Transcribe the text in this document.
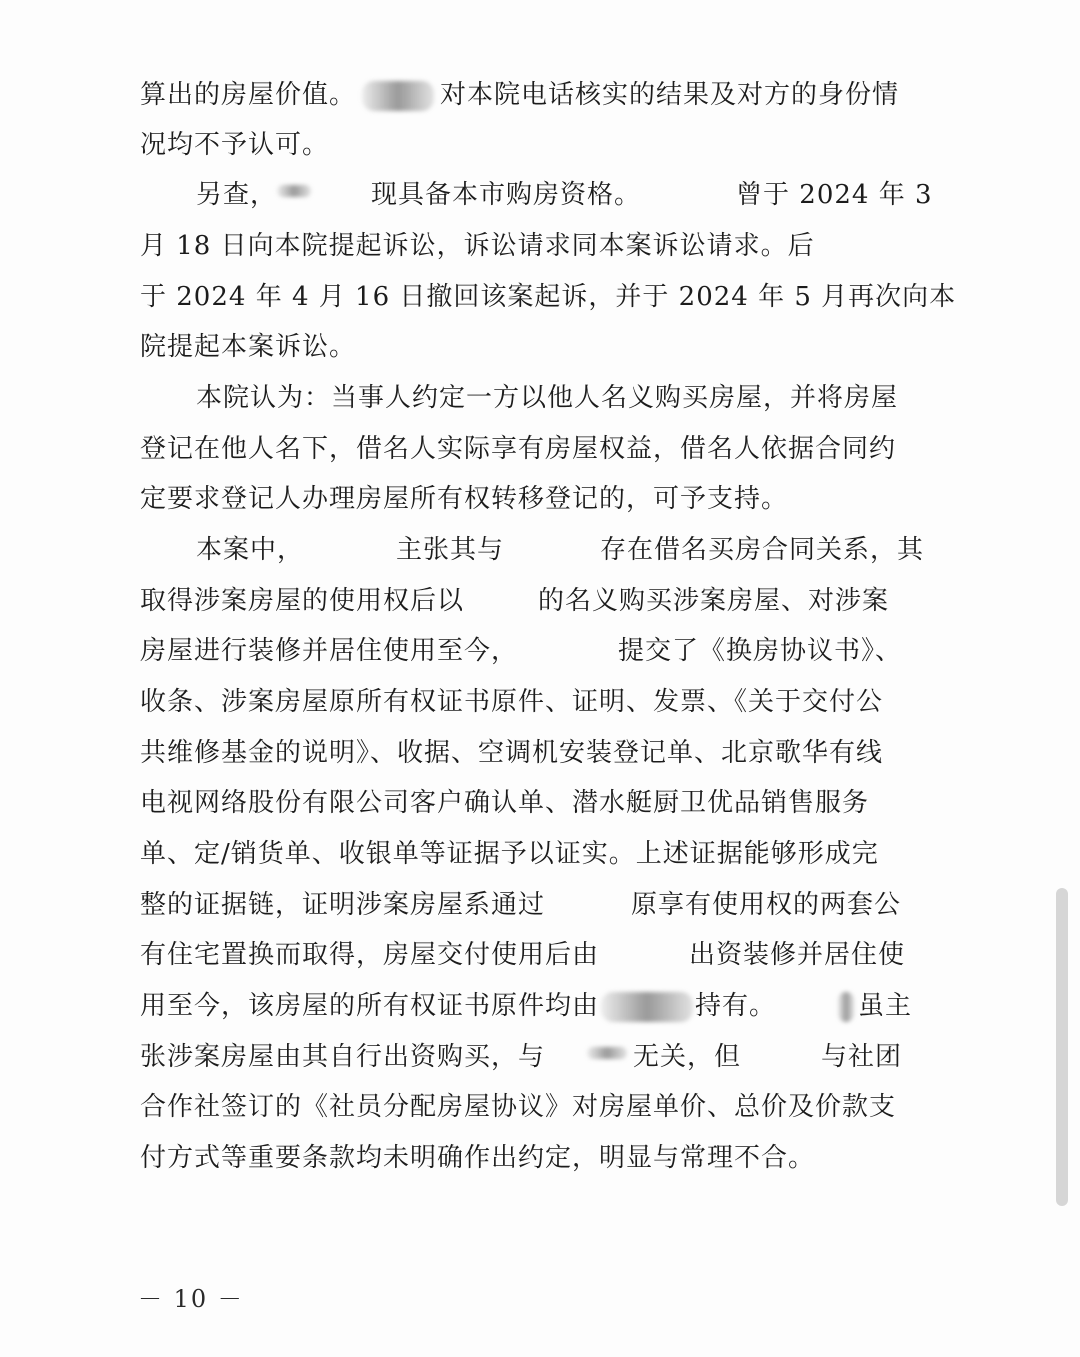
算出的房屋价值。	对本院电话核实的结果及对方的身份情
况均不予认可。
另查，	现具备本市购房资格。	曾于 2024 年 3
月 18 日向本院提起诉讼，诉讼请求同本案诉讼请求。后
于 2024 年 4 月 16 日撤回该案起诉，并于 2024 年 5 月再次向本
院提起本案诉讼。
本院认为：当事人约定一方以他人名义购买房屋，并将房屋
登记在他人名下，借名人实际享有房屋权益，借名人依据合同约
定要求登记人办理房屋所有权转移登记的，可予支持。
本案中，	主张其与	存在借名买房合同关系，其
取得涉案房屋的使用权后以	的名义购买涉案房屋、对涉案
房屋进行装修并居住使用至今，	提交了《换房协议书》、
收条、涉案房屋原所有权证书原件、证明、发票、《关于交付公
共维修基金的说明》、收据、空调机安装登记单、北京歌华有线
电视网络股份有限公司客户确认单、潜水艇厨卫优品销售服务
单、定/销货单、收银单等证据予以证实。上述证据能够形成完
整的证据链，证明涉案房屋系通过	原享有使用权的两套公
有住宅置换而取得，房屋交付使用后由	出资装修并居住使
用至今，该房屋的所有权证书原件均由	持有。	虽主
张涉案房屋由其自行出资购买，与	无关，但	与社团
合作社签订的《社员分配房屋协议》对房屋单价、总价及价款支
付方式等重要条款均未明确作出约定，明显与常理不合。
－ 10 －
